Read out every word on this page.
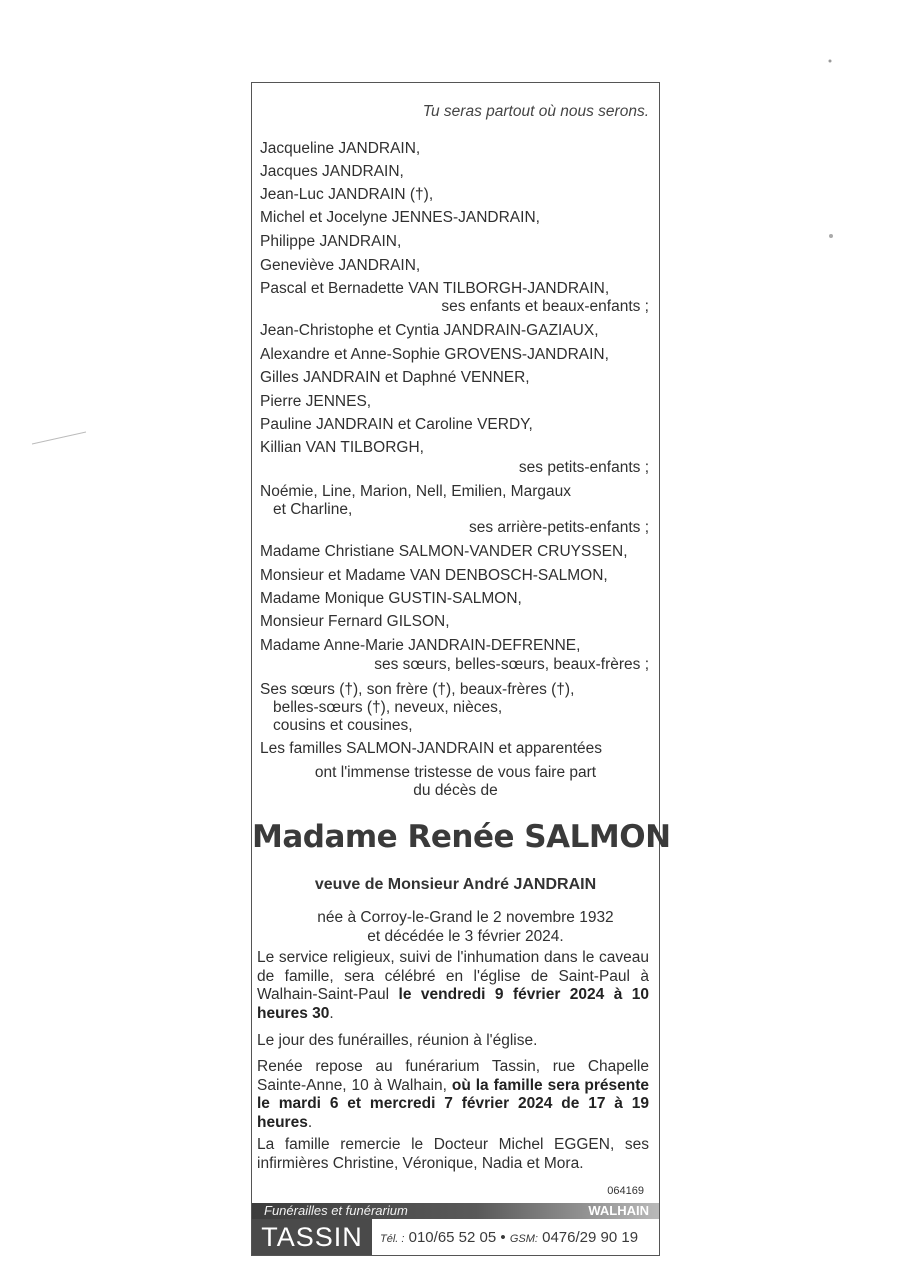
Tu seras partout où nous serons.
Jacqueline JANDRAIN,
Jacques JANDRAIN,
Jean-Luc JANDRAIN (†),
Michel et Jocelyne JENNES-JANDRAIN,
Philippe JANDRAIN,
Geneviève JANDRAIN,
Pascal et Bernadette VAN TILBORGH-JANDRAIN,
ses enfants et beaux-enfants ;
Jean-Christophe et Cyntia JANDRAIN-GAZIAUX,
Alexandre et Anne-Sophie GROVENS-JANDRAIN,
Gilles JANDRAIN et Daphné VENNER,
Pierre JENNES,
Pauline JANDRAIN et Caroline VERDY,
Killian VAN TILBORGH,
ses petits-enfants ;
Noémie, Line, Marion, Nell, Emilien, Margaux
et Charline,
ses arrière-petits-enfants ;
Madame Christiane SALMON-VANDER CRUYSSEN,
Monsieur et Madame VAN DENBOSCH-SALMON,
Madame Monique GUSTIN-SALMON,
Monsieur Fernard GILSON,
Madame Anne-Marie JANDRAIN-DEFRENNE,
ses sœurs, belles-sœurs, beaux-frères ;
Ses sœurs (†), son frère (†), beaux-frères (†),
belles-sœurs (†), neveux, nièces,
cousins et cousines,
Les familles SALMON-JANDRAIN et apparentées
ont l'immense tristesse de vous faire part
du décès de
Madame Renée SALMON
veuve de Monsieur André JANDRAIN
née à Corroy-le-Grand le 2 novembre 1932
et décédée le 3 février 2024.
Le service religieux, suivi de l'inhumation dans le caveau de famille, sera célébré en l'église de Saint-Paul à Walhain-Saint-Paul le vendredi 9 février 2024 à 10 heures 30.
Le jour des funérailles, réunion à l'église.
Renée repose au funérarium Tassin, rue Chapelle Sainte-Anne, 10 à Walhain, où la famille sera présente le mardi 6 et mercredi 7 février 2024 de 17 à 19 heures.
La famille remercie le Docteur Michel EGGEN, ses infirmières Christine, Véronique, Nadia et Mora.
064169
Funérailles et funérarium	WALHAIN
TASSIN	Tél. : 010/65 52 05 • GSM: 0476/29 90 19
